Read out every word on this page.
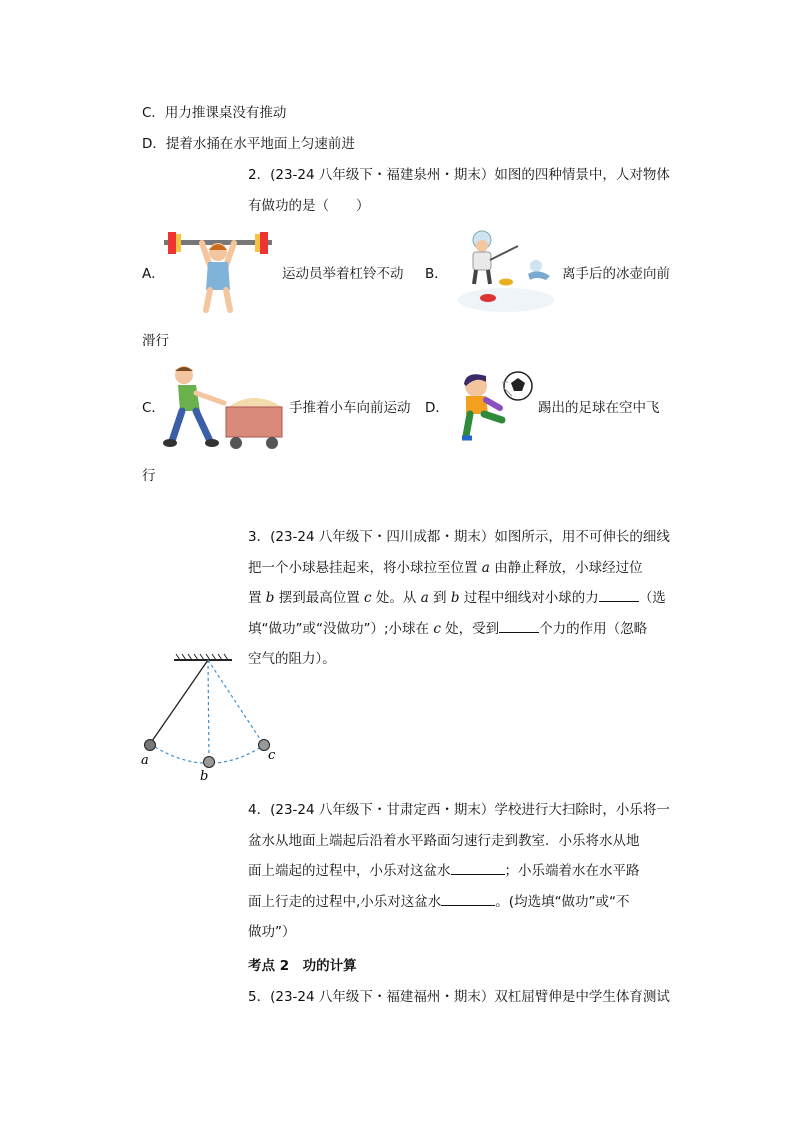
C．用力推课桌没有推动
D．提着水捅在水平地面上匀速前进
2．(23-24 八年级下・福建泉州・期末）如图的四种情景中，人对物体
有做功的是（　　）
A．	运动员举着杠铃不动 B．	离手后的冰壶向前
滑行
C．	手推着小车向前运动 D．	踢出的足球在空中飞
行
3．(23-24 八年级下・四川成都・期末）如图所示，用不可伸长的细线
把一个小球悬挂起来，将小球拉至位置 a 由静止释放，小球经过位
置 b 摆到最高位置 c 处。从 a 到 b 过程中细线对小球的力	（选
填“做功”或“没做功”）;小球在 c 处，受到	个力的作用（忽略
空气的阻力）。
a
b
c
4．(23-24 八年级下・甘肃定西・期末）学校进行大扫除时，小乐将一
盆水从地面上端起后沿着水平路面匀速行走到教室．小乐将水从地
面上端起的过程中，小乐对这盆水	；小乐端着水在水平路
面上行走的过程中,小乐对这盆水	。(均选填“做功”或“不
做功”）
考点 2　功的计算
5．(23-24 八年级下・福建福州・期末）双杠屈臂伸是中学生体育测试
